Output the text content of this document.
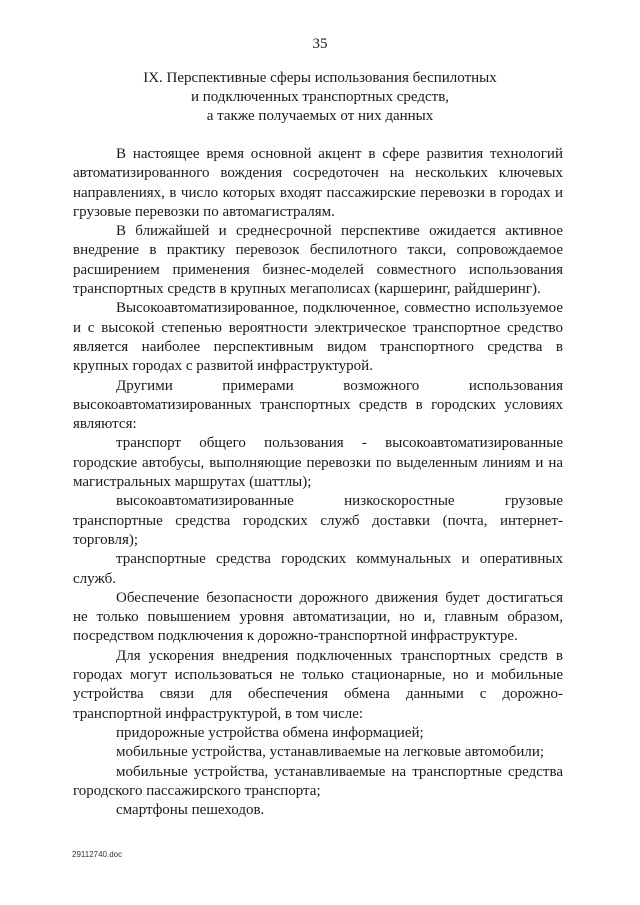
35
IX. Перспективные сферы использования беспилотных
и подключенных транспортных средств,
а также получаемых от них данных

В настоящее время основной акцент в сфере развития технологий автоматизированного вождения сосредоточен на нескольких ключевых направлениях, в число которых входят пассажирские перевозки в городах и грузовые перевозки по автомагистралям.

В ближайшей и среднесрочной перспективе ожидается активное внедрение в практику перевозок беспилотного такси, сопровождаемое расширением применения бизнес-моделей совместного использования транспортных средств в крупных мегаполисах (каршеринг, райдшеринг).

Высокоавтоматизированное, подключенное, совместно используемое и с высокой степенью вероятности электрическое транспортное средство является наиболее перспективным видом транспортного средства в крупных городах с развитой инфраструктурой.

Другими примерами возможного использования высокоавтоматизированных транспортных средств в городских условиях являются:

транспорт общего пользования - высокоавтоматизированные городские автобусы, выполняющие перевозки по выделенным линиям и на магистральных маршрутах (шаттлы);

высокоавтоматизированные низкоскоростные грузовые транспортные средства городских служб доставки (почта, интернет-торговля);

транспортные средства городских коммунальных и оперативных служб.

Обеспечение безопасности дорожного движения будет достигаться не только повышением уровня автоматизации, но и, главным образом, посредством подключения к дорожно-транспортной инфраструктуре.

Для ускорения внедрения подключенных транспортных средств в городах могут использоваться не только стационарные, но и мобильные устройства связи для обеспечения обмена данными с дорожно-транспортной инфраструктурой, в том числе:

придорожные устройства обмена информацией;

мобильные устройства, устанавливаемые на легковые автомобили;

мобильные устройства, устанавливаемые на транспортные средства городского пассажирского транспорта;

смартфоны пешеходов.

29112740.doc
